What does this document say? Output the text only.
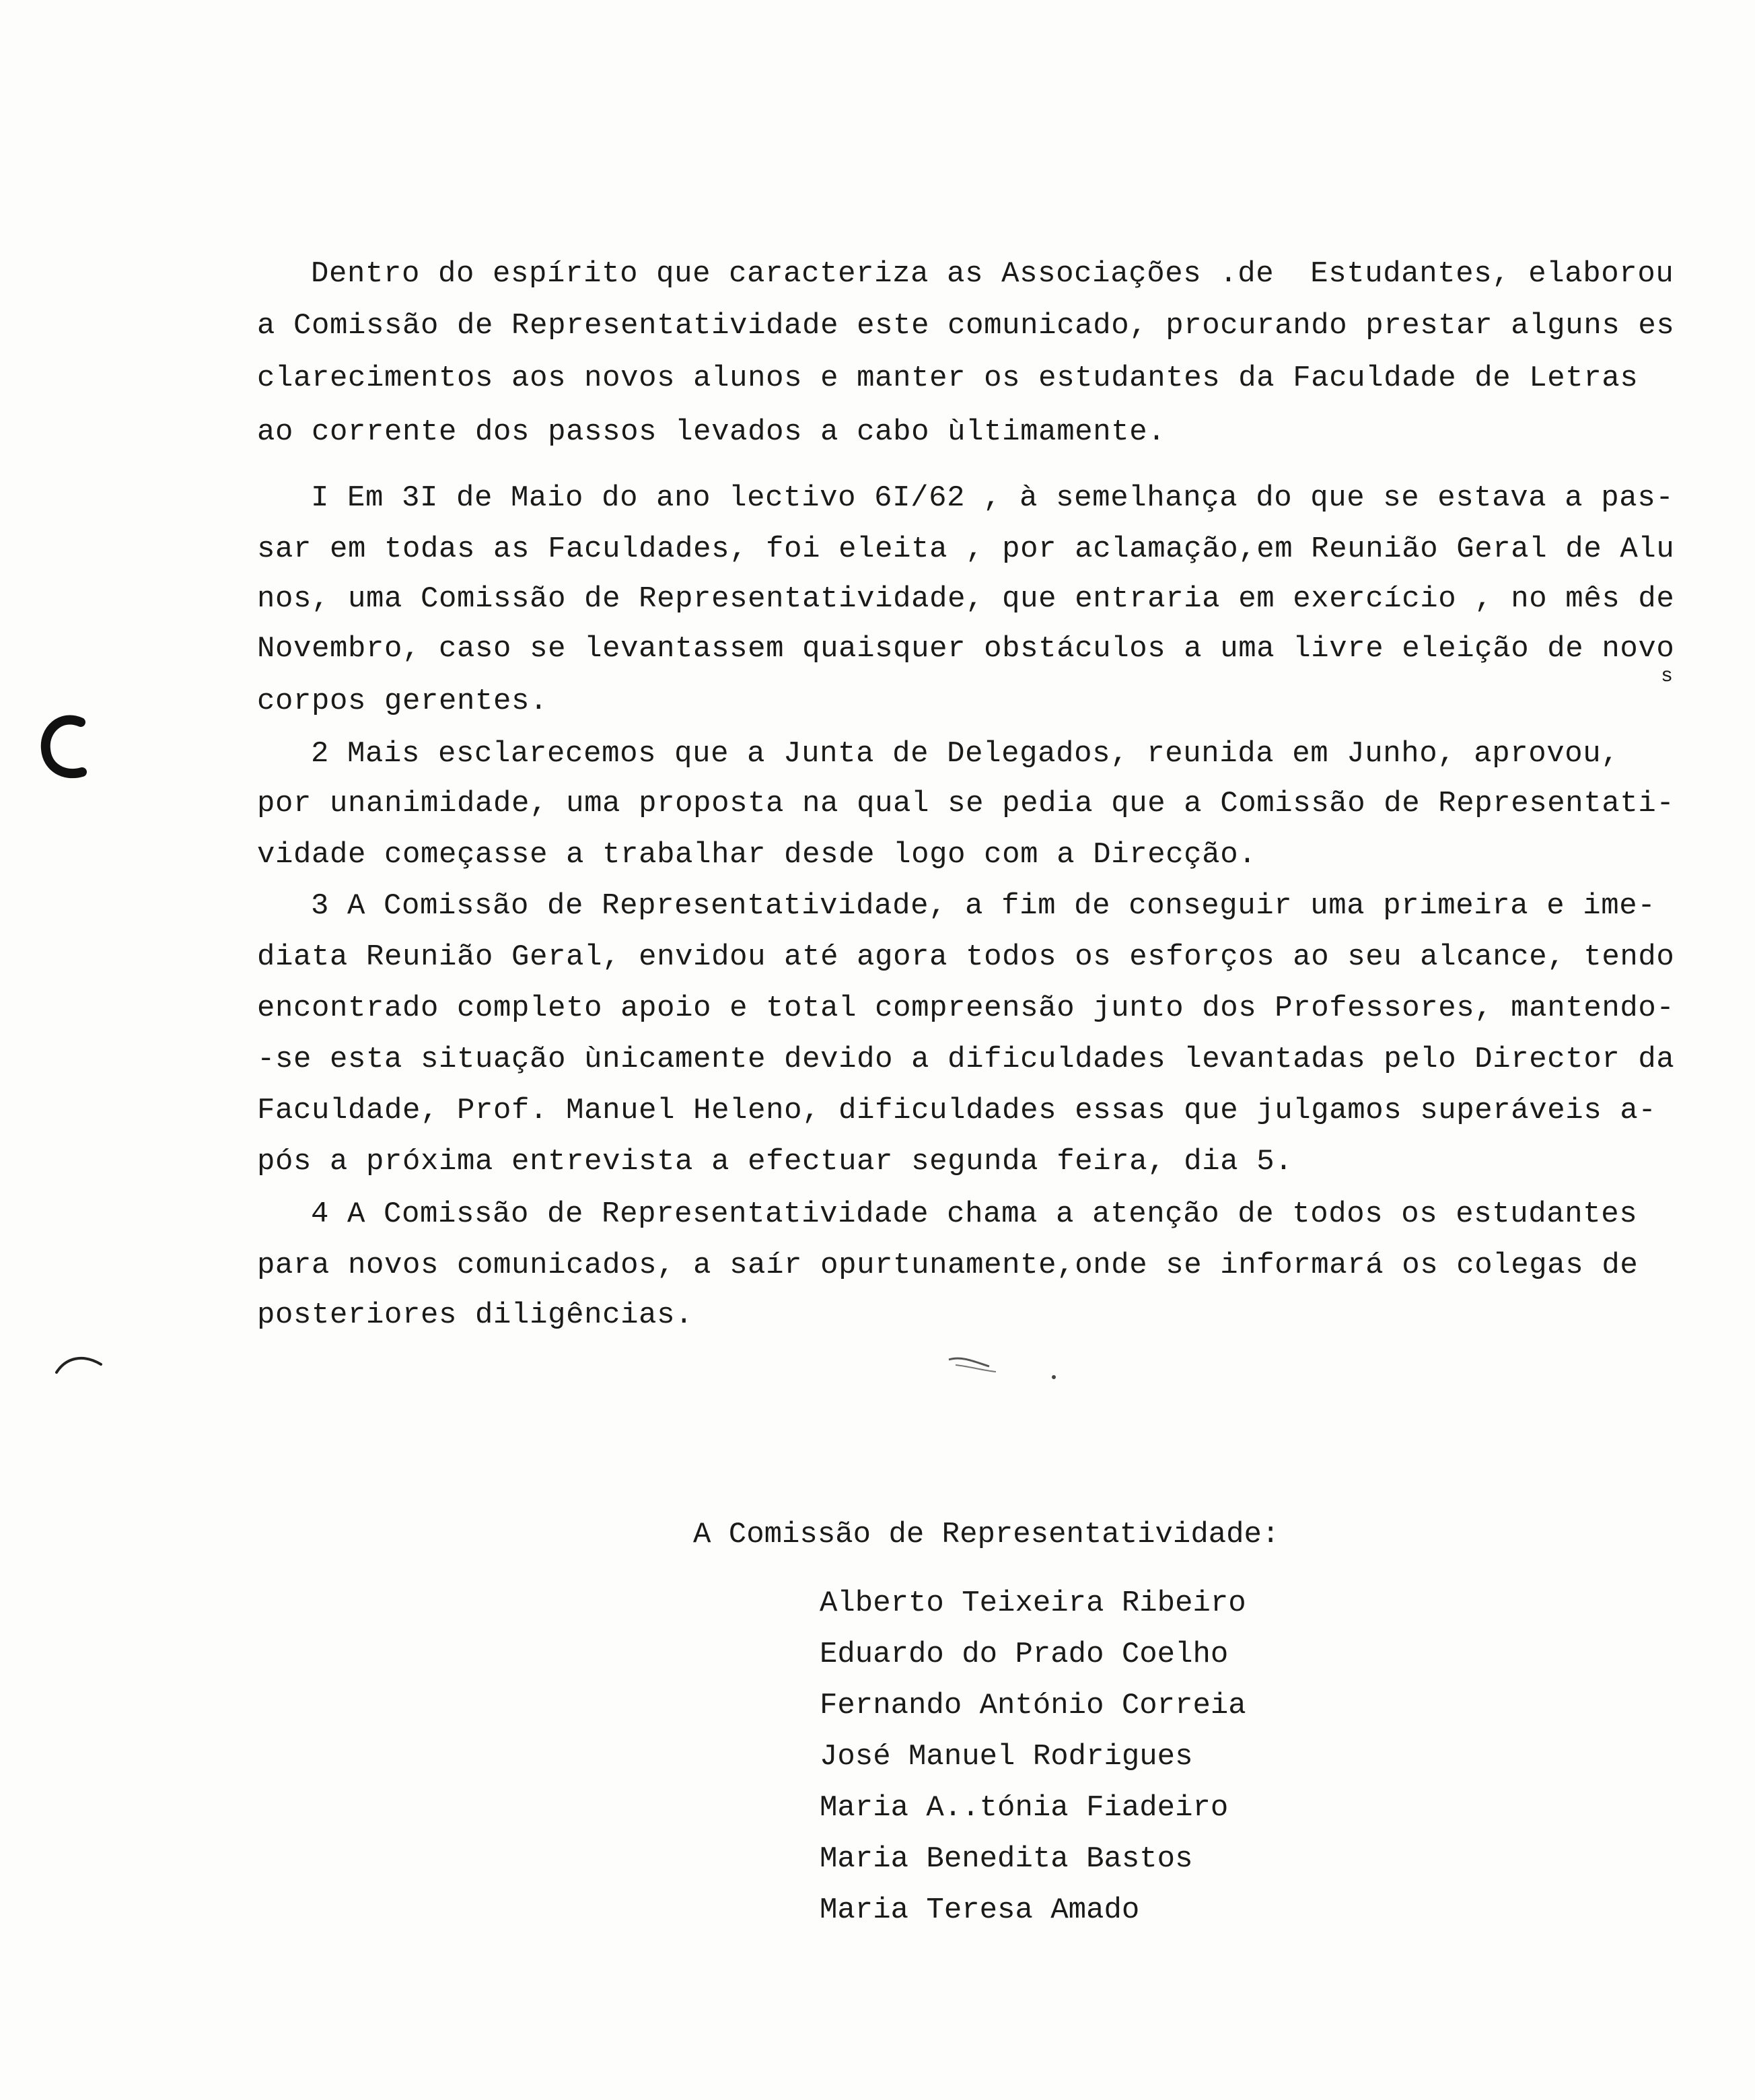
Dentro do espírito que caracteriza as Associações .de  Estudantes, elaborou
a Comissão de Representatividade este comunicado, procurando prestar alguns es
clarecimentos aos novos alunos e manter os estudantes da Faculdade de Letras
ao corrente dos passos levados a cabo ùltimamente.
I Em 3I de Maio do ano lectivo 6I/62 , à semelhança do que se estava a pas-
sar em todas as Faculdades, foi eleita , por aclamação,em Reunião Geral de Alu
nos, uma Comissão de Representatividade, que entraria em exercício , no mês de
Novembro, caso se levantassem quaisquer obstáculos a uma livre eleição de novo
corpos gerentes.
s
2 Mais esclarecemos que a Junta de Delegados, reunida em Junho, aprovou,
por unanimidade, uma proposta na qual se pedia que a Comissão de Representati-
vidade começasse a trabalhar desde logo com a Direcção.
3 A Comissão de Representatividade, a fim de conseguir uma primeira e ime-
diata Reunião Geral, envidou até agora todos os esforços ao seu alcance, tendo
encontrado completo apoio e total compreensão junto dos Professores, mantendo-
-se esta situação ùnicamente devido a dificuldades levantadas pelo Director da
Faculdade, Prof. Manuel Heleno, dificuldades essas que julgamos superáveis a-
pós a próxima entrevista a efectuar segunda feira, dia 5.
4 A Comissão de Representatividade chama a atenção de todos os estudantes
para novos comunicados, a saír opurtunamente,onde se informará os colegas de
posteriores diligências.
A Comissão de Representatividade:
Alberto Teixeira Ribeiro
Eduardo do Prado Coelho
Fernando António Correia
José Manuel Rodrigues
Maria A..tónia Fiadeiro
Maria Benedita Bastos
Maria Teresa Amado
